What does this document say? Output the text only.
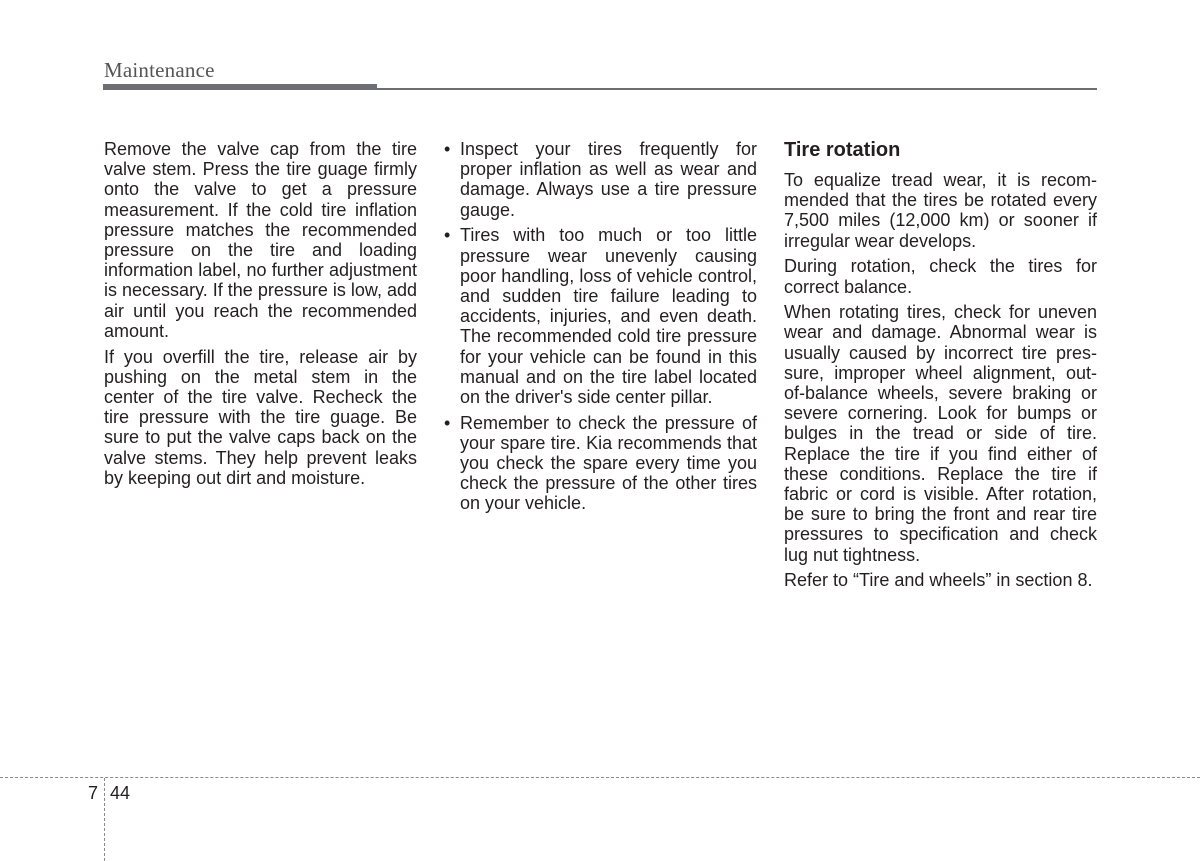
Maintenance

Remove the valve cap from the tire valve stem. Press the tire guage firmly onto the valve to get a pressure measurement. If the cold tire inflation pressure matches the recommended pressure on the tire and loading information label, no further adjustment is necessary. If the pressure is low, add air until you reach the recommended amount.

If you overfill the tire, release air by pushing on the metal stem in the center of the tire valve. Recheck the tire pressure with the tire guage. Be sure to put the valve caps back on the valve stems. They help prevent leaks by keeping out dirt and moisture.

• Inspect your tires frequently for proper inflation as well as wear and damage. Always use a tire pressure gauge.
• Tires with too much or too little pressure wear unevenly causing poor handling, loss of vehicle control, and sudden tire failure leading to accidents, injuries, and even death. The recommended cold tire pressure for your vehicle can be found in this manual and on the tire label located on the driver's side center pillar.
• Remember to check the pressure of your spare tire. Kia recommends that you check the spare every time you check the pressure of the other tires on your vehicle.
Tire rotation

To equalize tread wear, it is recommended that the tires be rotated every 7,500 miles (12,000 km) or sooner if irregular wear develops.

During rotation, check the tires for correct balance.

When rotating tires, check for uneven wear and damage. Abnormal wear is usually caused by incorrect tire pressure, improper wheel alignment, out-of-balance wheels, severe braking or severe cornering. Look for bumps or bulges in the tread or side of tire. Replace the tire if you find either of these conditions. Replace the tire if fabric or cord is visible. After rotation, be sure to bring the front and rear tire pressures to specification and check lug nut tightness.

Refer to “Tire and wheels” in section 8.

7 44
